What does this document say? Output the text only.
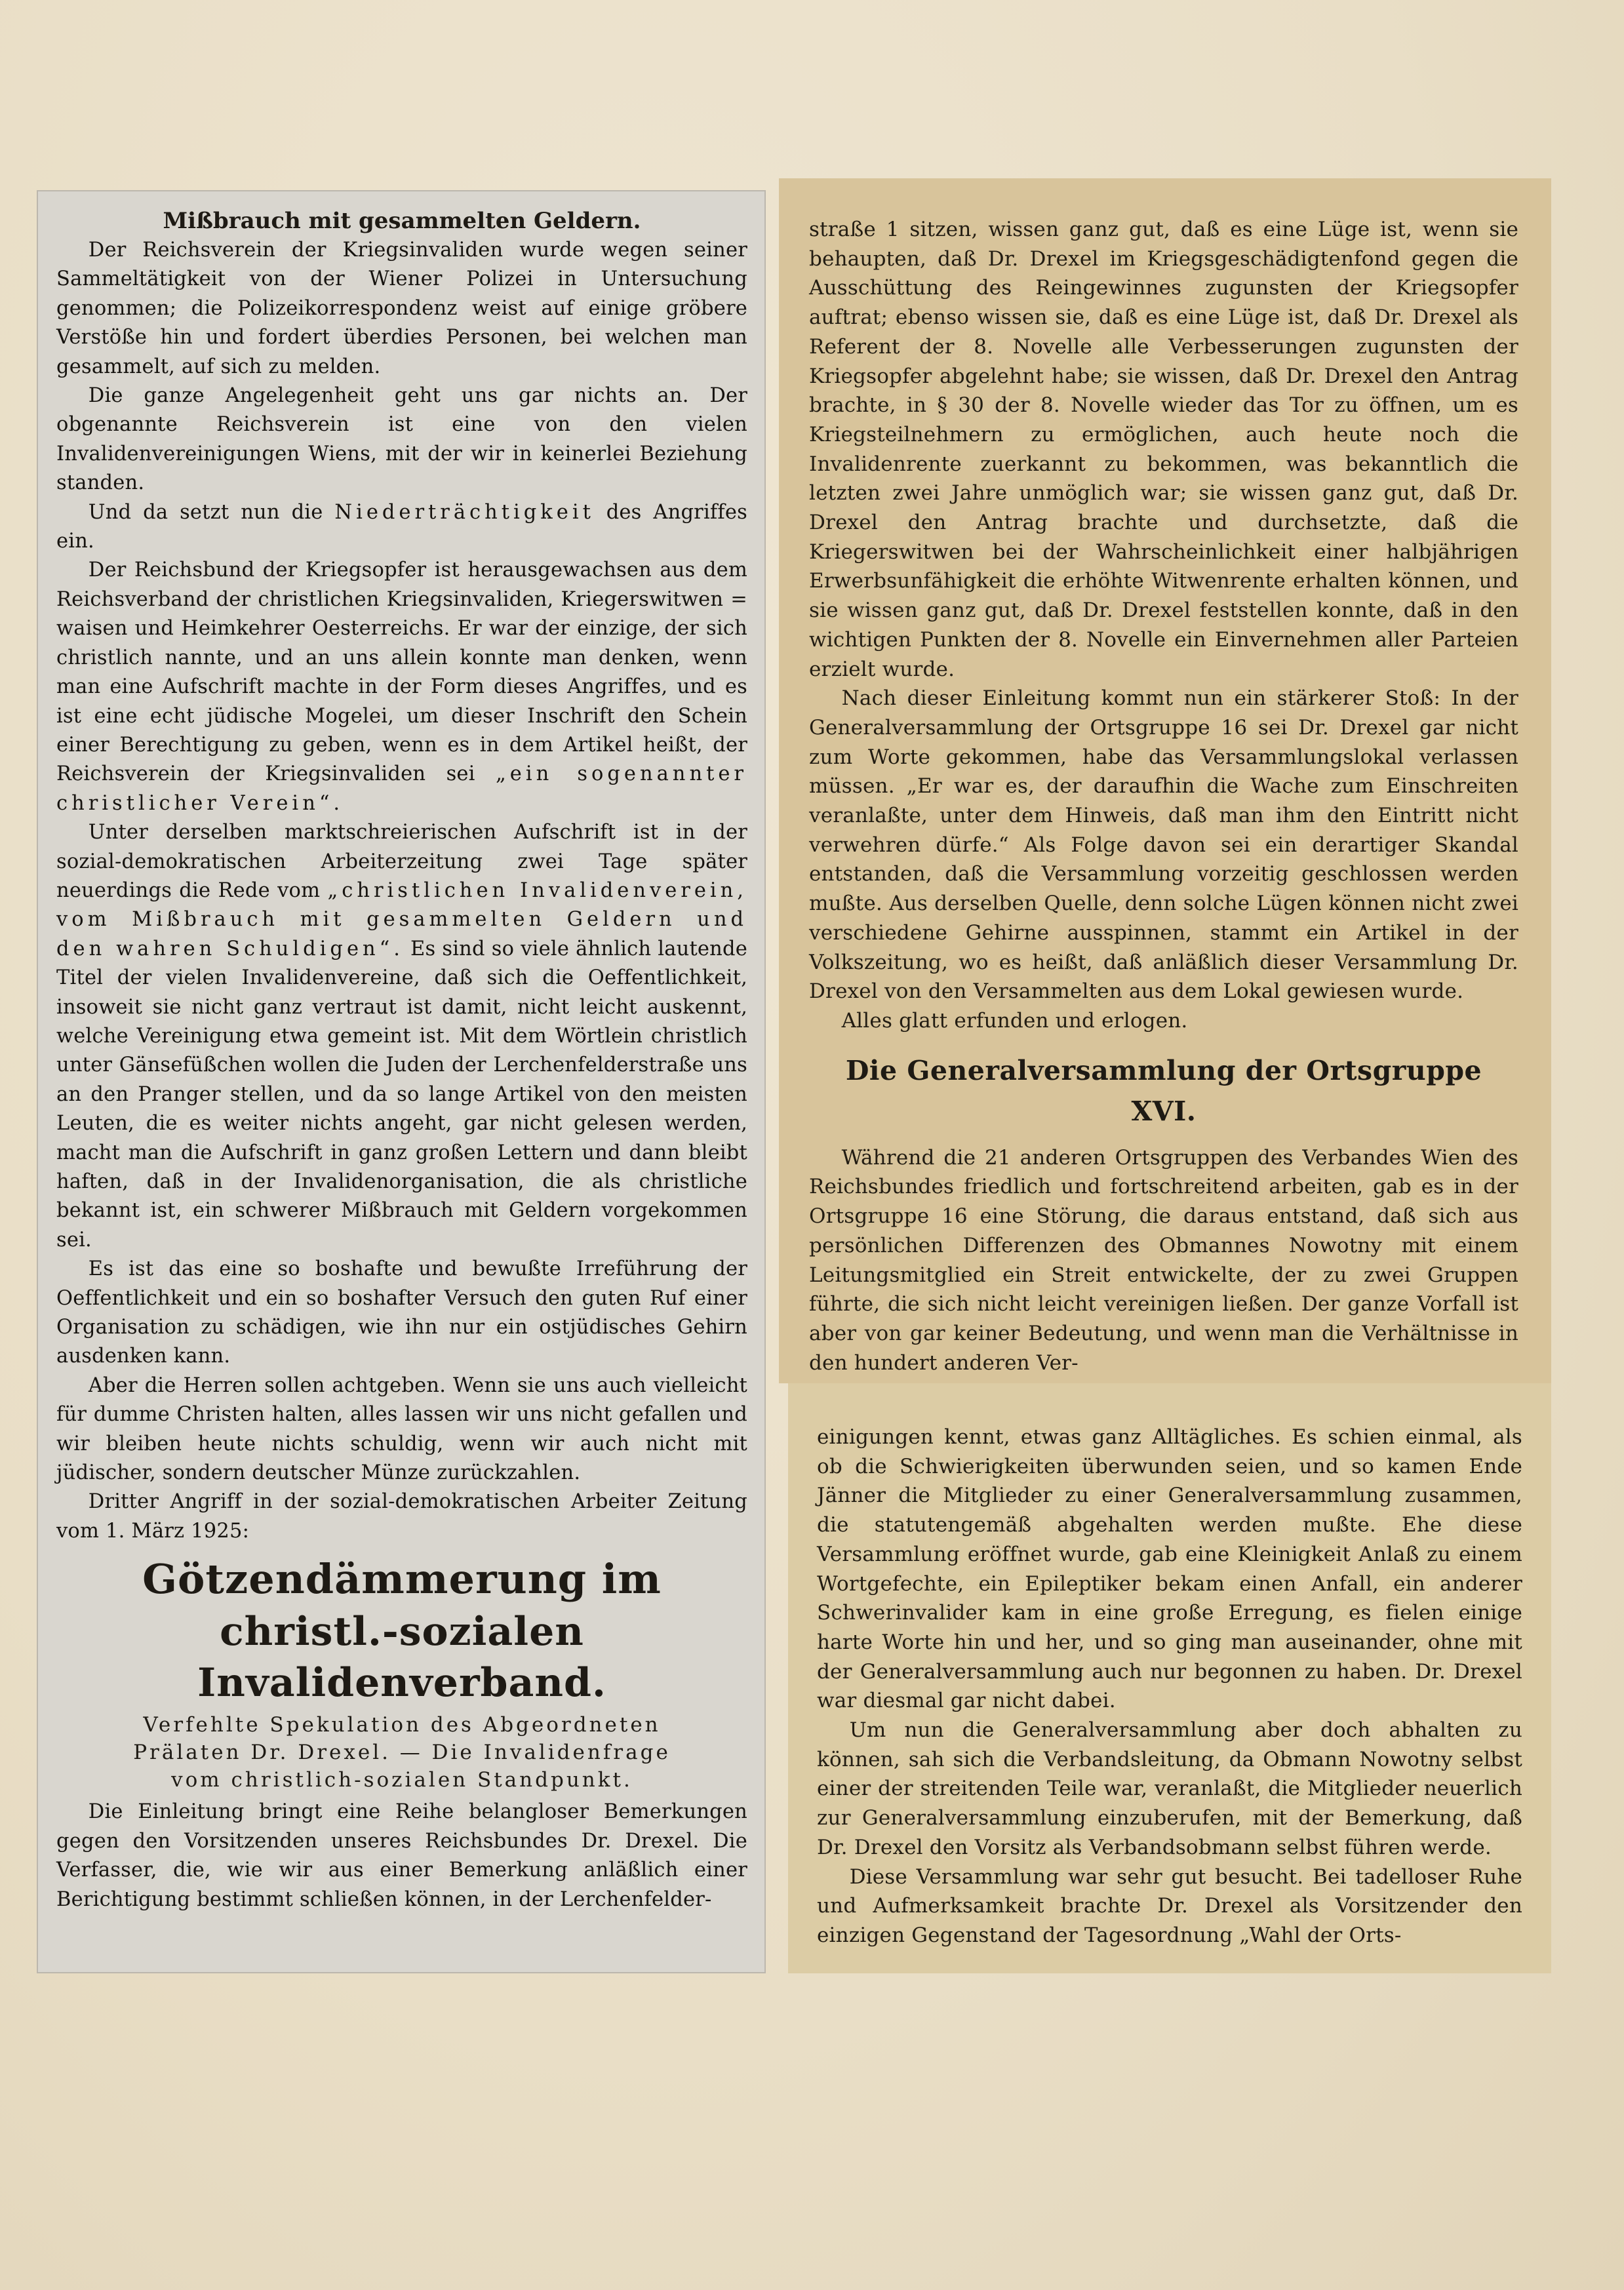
Mißbrauch mit gesammelten Geldern.

Der Reichsverein der Kriegsinvaliden wurde wegen seiner Sammeltätigkeit von der Wiener Polizei in Untersuchung genommen; die Polizeikorrespondenz weist auf einige gröbere Verstöße hin und fordert überdies Personen, bei welchen man gesammelt, auf sich zu melden.

Die ganze Angelegenheit geht uns gar nichts an. Der obgenannte Reichsverein ist eine von den vielen Invalidenvereinigungen Wiens, mit der wir in keinerlei Beziehung standen.

Und da setzt nun die Niederträchtigkeit des Angriffes ein.

Der Reichsbund der Kriegsopfer ist herausgewachsen aus dem Reichsverband der christlichen Kriegsinvaliden, Kriegerswitwen = waisen und Heimkehrer Oesterreichs. Er war der einzige, der sich christlich nannte, und an uns allein konnte man denken, wenn man eine Aufschrift machte in der Form dieses Angriffes, und es ist eine echt jüdische Mogelei, um dieser Inschrift den Schein einer Berechtigung zu geben, wenn es in dem Artikel heißt, der Reichsverein der Kriegsinvaliden sei „ein sogenannter christlicher Verein“.

Unter derselben marktschreierischen Aufschrift ist in der sozial-demokratischen Arbeiterzeitung zwei Tage später neuerdings die Rede vom „christlichen Invalidenverein, vom Mißbrauch mit gesammelten Geldern und den wahren Schuldigen“. Es sind so viele ähnlich lautende Titel der vielen Invalidenvereine, daß sich die Oeffentlichkeit, insoweit sie nicht ganz vertraut ist damit, nicht leicht auskennt, welche Vereinigung etwa gemeint ist. Mit dem Wörtlein christlich unter Gänsefüßchen wollen die Juden der Lerchenfelderstraße uns an den Pranger stellen, und da so lange Artikel von den meisten Leuten, die es weiter nichts angeht, gar nicht gelesen werden, macht man die Aufschrift in ganz großen Lettern und dann bleibt haften, daß in der Invalidenorganisation, die als christliche bekannt ist, ein schwerer Mißbrauch mit Geldern vorgekommen sei.

Es ist das eine so boshafte und bewußte Irreführung der Oeffentlichkeit und ein so boshafter Versuch den guten Ruf einer Organisation zu schädigen, wie ihn nur ein ostjüdisches Gehirn ausdenken kann.

Aber die Herren sollen achtgeben. Wenn sie uns auch vielleicht für dumme Christen halten, alles lassen wir uns nicht gefallen und wir bleiben heute nichts schuldig, wenn wir auch nicht mit jüdischer, sondern deutscher Münze zurückzahlen.

Dritter Angriff in der sozial-demokratischen Arbeiter Zeitung vom 1. März 1925:

Götzendämmerung im

christl.-sozialen Invalidenverband.

Verfehlte Spekulation des Abgeordneten
Prälaten Dr. Drexel. — Die Invalidenfrage
vom christlich-sozialen Standpunkt.

Die Einleitung bringt eine Reihe belangloser Bemerkungen gegen den Vorsitzenden unseres Reichsbundes Dr. Drexel. Die Verfasser, die, wie wir aus einer Bemerkung anläßlich einer Berichtigung bestimmt schließen können, in der Lerchenfelder-

straße 1 sitzen, wissen ganz gut, daß es eine Lüge ist, wenn sie behaupten, daß Dr. Drexel im Kriegsgeschädigtenfond gegen die Ausschüttung des Reingewinnes zugunsten der Kriegsopfer auftrat; ebenso wissen sie, daß es eine Lüge ist, daß Dr. Drexel als Referent der 8. Novelle alle Verbesserungen zugunsten der Kriegsopfer abgelehnt habe; sie wissen, daß Dr. Drexel den Antrag brachte, in § 30 der 8. Novelle wieder das Tor zu öffnen, um es Kriegsteilnehmern zu ermöglichen, auch heute noch die Invalidenrente zuerkannt zu bekommen, was bekanntlich die letzten zwei Jahre unmöglich war; sie wissen ganz gut, daß Dr. Drexel den Antrag brachte und durchsetzte, daß die Kriegerswitwen bei der Wahrscheinlichkeit einer halbjährigen Erwerbsunfähigkeit die erhöhte Witwenrente erhalten können, und sie wissen ganz gut, daß Dr. Drexel feststellen konnte, daß in den wichtigen Punkten der 8. Novelle ein Einvernehmen aller Parteien erzielt wurde.

Nach dieser Einleitung kommt nun ein stärkerer Stoß: In der Generalversammlung der Ortsgruppe 16 sei Dr. Drexel gar nicht zum Worte gekommen, habe das Versammlungslokal verlassen müssen. „Er war es, der daraufhin die Wache zum Einschreiten veranlaßte, unter dem Hinweis, daß man ihm den Eintritt nicht verwehren dürfe.“ Als Folge davon sei ein derartiger Skandal entstanden, daß die Versammlung vorzeitig geschlossen werden mußte. Aus derselben Quelle, denn solche Lügen können nicht zwei verschiedene Gehirne ausspinnen, stammt ein Artikel in der Volkszeitung, wo es heißt, daß anläßlich dieser Versammlung Dr. Drexel von den Versammelten aus dem Lokal gewiesen wurde.

Alles glatt erfunden und erlogen.

Die Generalversammlung der Ortsgruppe XVI.

Während die 21 anderen Ortsgruppen des Verbandes Wien des Reichsbundes friedlich und fortschreitend arbeiten, gab es in der Ortsgruppe 16 eine Störung, die daraus entstand, daß sich aus persönlichen Differenzen des Obmannes Nowotny mit einem Leitungsmitglied ein Streit entwickelte, der zu zwei Gruppen führte, die sich nicht leicht vereinigen ließen. Der ganze Vorfall ist aber von gar keiner Bedeutung, und wenn man die Verhältnisse in den hundert anderen Ver-

einigungen kennt, etwas ganz Alltägliches. Es schien einmal, als ob die Schwierigkeiten überwunden seien, und so kamen Ende Jänner die Mitglieder zu einer Generalversammlung zusammen, die statutengemäß abgehalten werden mußte. Ehe diese Versammlung eröffnet wurde, gab eine Kleinigkeit Anlaß zu einem Wortgefechte, ein Epileptiker bekam einen Anfall, ein anderer Schwerinvalider kam in eine große Erregung, es fielen einige harte Worte hin und her, und so ging man auseinander, ohne mit der Generalversammlung auch nur begonnen zu haben. Dr. Drexel war diesmal gar nicht dabei.

Um nun die Generalversammlung aber doch abhalten zu können, sah sich die Verbandsleitung, da Obmann Nowotny selbst einer der streitenden Teile war, veranlaßt, die Mitglieder neuerlich zur Generalversammlung einzuberufen, mit der Bemerkung, daß Dr. Drexel den Vorsitz als Verbandsobmann selbst führen werde.

Diese Versammlung war sehr gut besucht. Bei tadelloser Ruhe und Aufmerksamkeit brachte Dr. Drexel als Vorsitzender den einzigen Gegenstand der Tagesordnung „Wahl der Orts-
